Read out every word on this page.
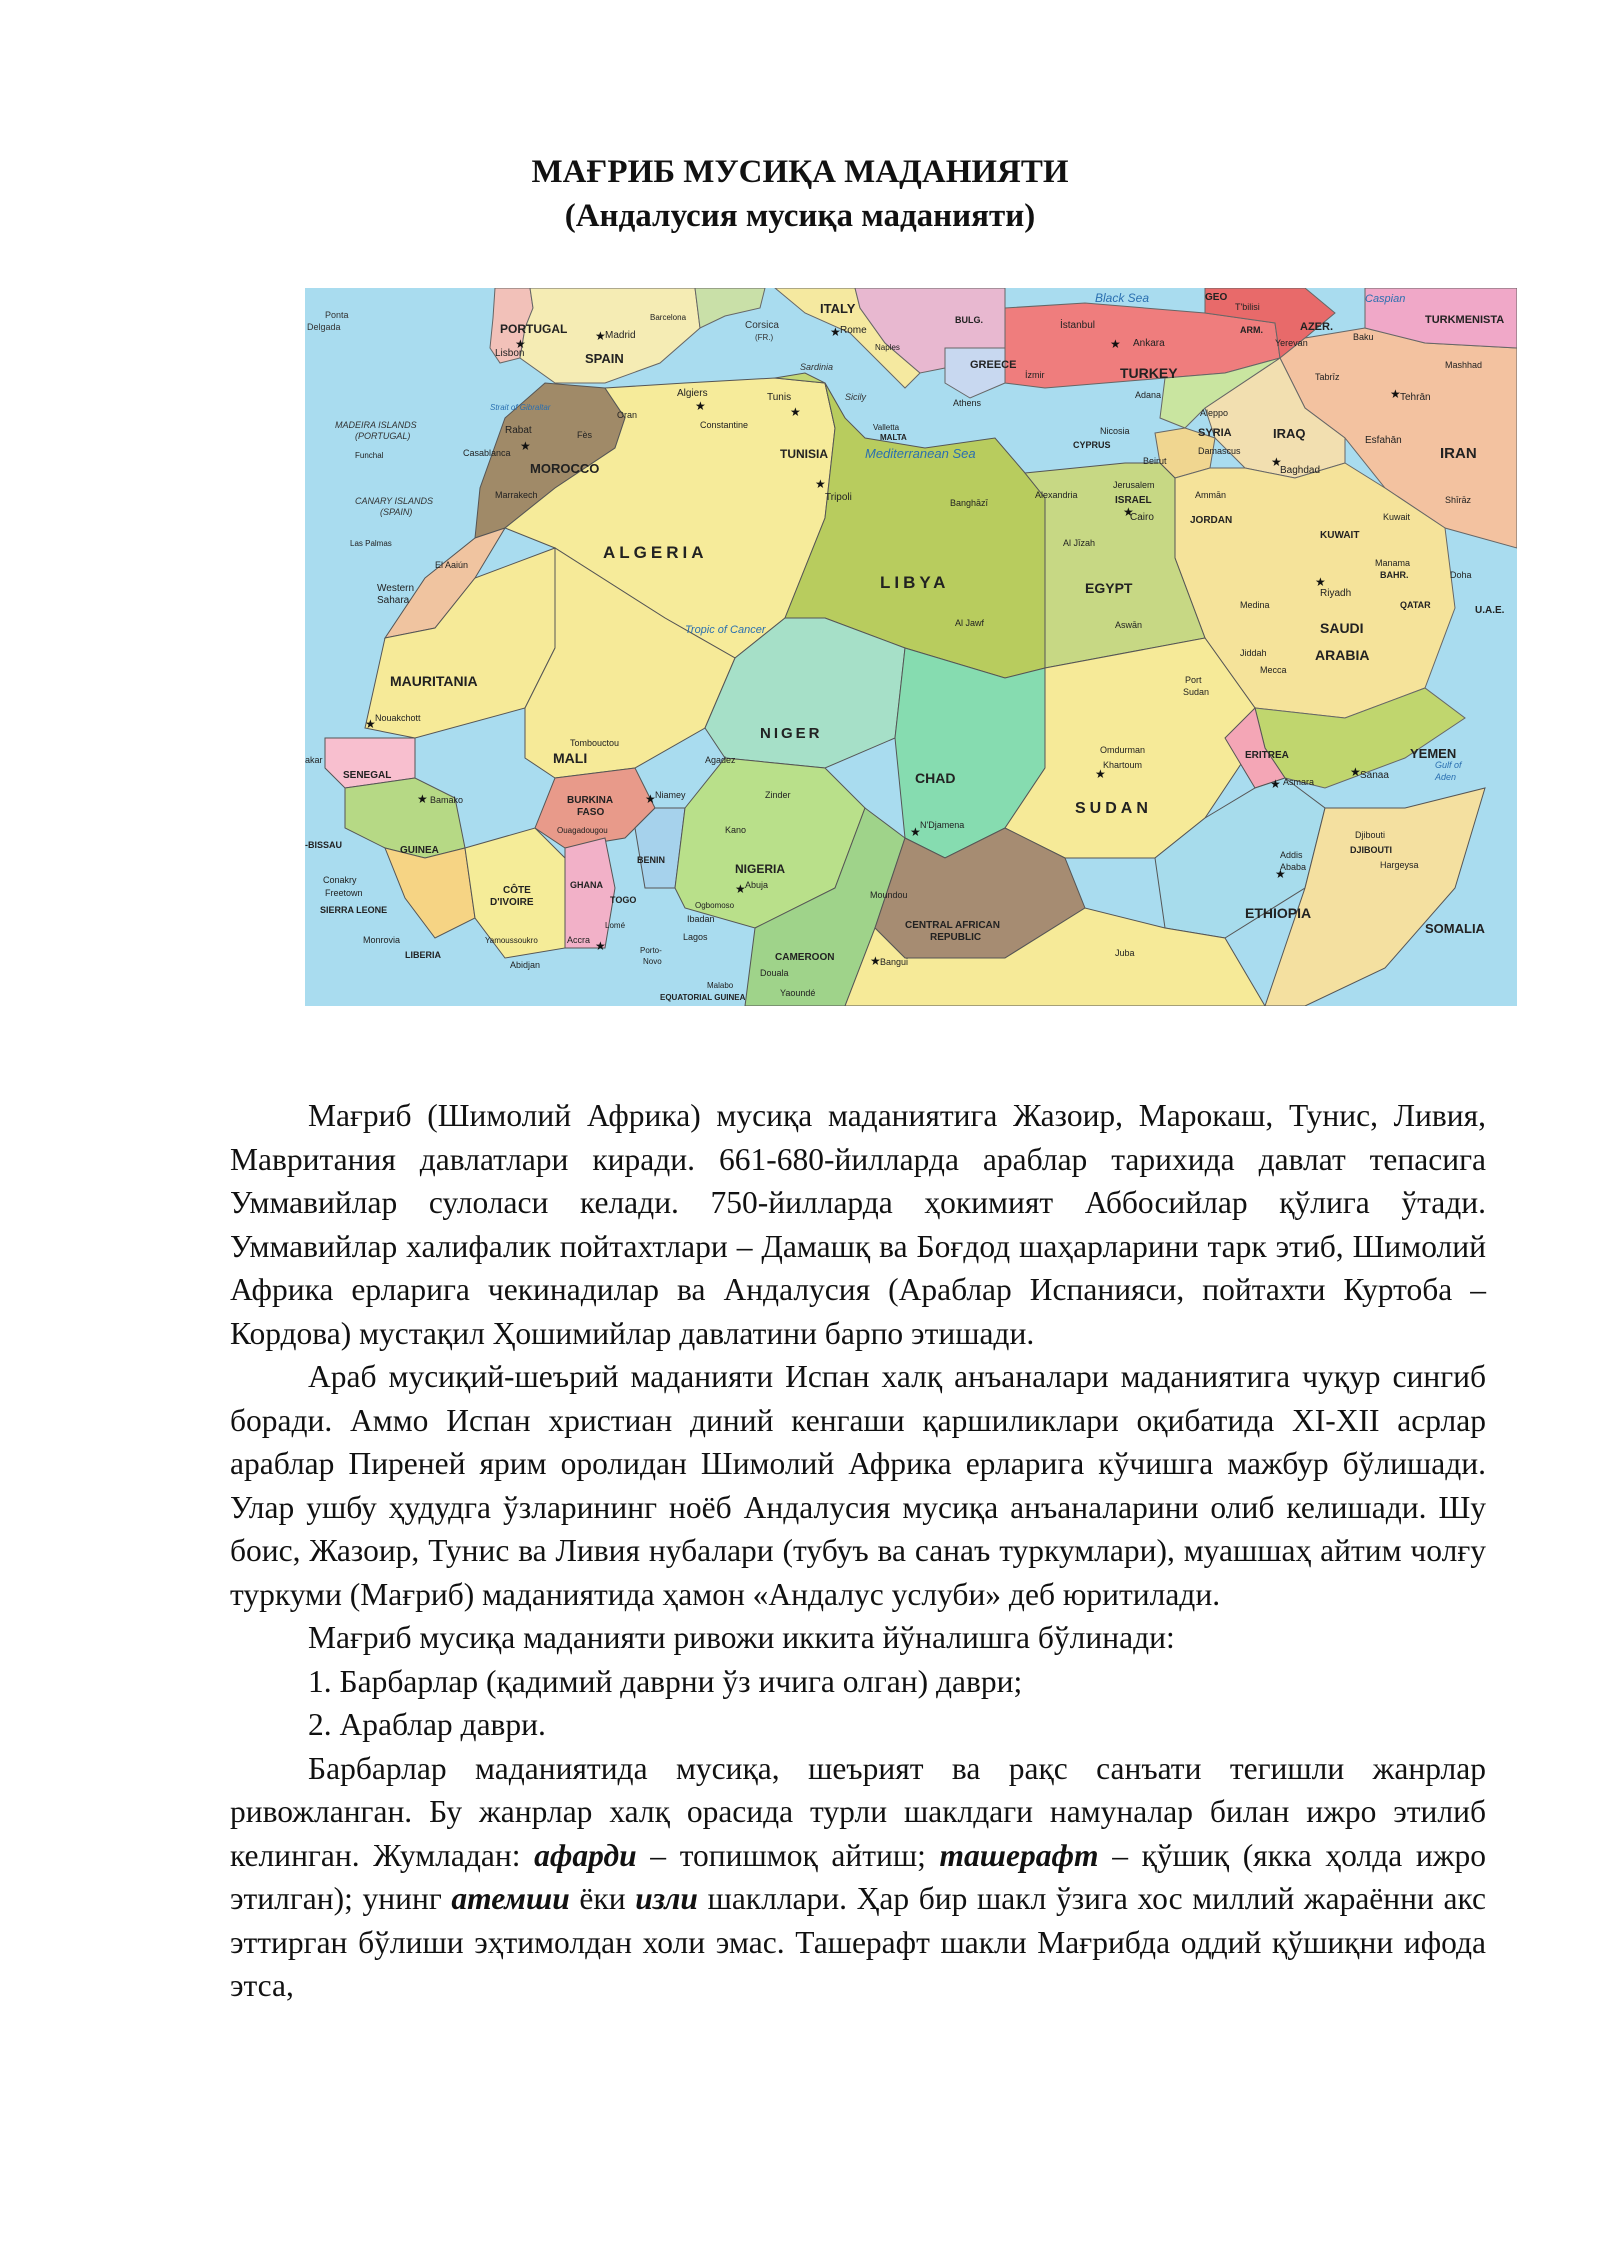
МАҒРИБ МУСИҚА МАДАНИЯТИ
(Андалусия мусиқа маданияти)
Mediterranean Sea
Black Sea	Caspian
Strait of Gibraltar
Tropic of Cancer
Gulf of
Aden
MADEIRA ISLANDS
(PORTUGAL)
CANARY ISLANDS
(SPAIN)
Ponta
Delgada	Corsica
(FR.)
Sardinia
Sicily
PORTUGAL
SPAIN
ITALY
BULG.
GREECE	TURKEY
GEO
ARM.	AZER.
TURKMENISTA
IRAN
IRAQ
SYRIA
JORDAN
ISRAEL
CYPRUS
KUWAIT
BAHR.
QATAR	U.A.E.
SAUDI
ARABIA
YEMEN
MOROCCO
ALGERIA
TUNISIA
LIBYA	EGYPT
MAURITANIA
MALI
NIGER
CHAD
SUDAN
ERITREA
DJIBOUTI
ETHIOPIA
SOMALIA
SENEGAL
-BISSAU	GUINEA
SIERRA LEONE
LIBERIA
CÔTE
D'IVOIRE
BURKINA
FASO
GHANA
TOGO
BENIN
NIGERIA
CAMEROON
CENTRAL AFRICAN
REPUBLIC
EQUATORIAL GUINEA
MALTA
Western
Sahara
Lisbon
Madrid
Barcelona
Rome
Naples
İstanbul
Ankara
İzmir
Adana
Athens
T'bilisi
Yerevan
Baku
Mashhad
Tabrīz
Tehrān
Esfahān
Shīrāz
Baghdad
Aleppo
Damascus
Beirut
Jerusalem
Ammān
Nicosia
Kuwait
Manama
Doha
Riyadh
Medina
Jiddah
Mecca
Sanaa
Algiers	Tunis
Oran
Constantine
Rabat	Fès
Casablanca
Marrakech
Valletta
Tripoli	Banghāzī
Alexandria
Cairo
Al Jīzah
Al Jawf	Aswān
Port
Sudan
Omdurman
Khartoum
Asmara
Djibouti
Hargeysa
Addis
Ababa
Juba
El Aaiún
Nouakchott
Tombouctou
Agadez
Zinder
Niamey
N'Djamena
Bamako
akar
Conakry
Freetown
Monrovia
Ouagadougou
Yamoussoukro
Abidjan
Accra
Lomé
Porto-
Novo
Ibadan
Lagos
Ogbomoso
Abuja
Kano
Douala
Yaoundé
Malabo
Bangui
Moundou
Funchal
Las Palmas
★
★	★
★
★	★
★
★
★
★
★
★
★
★
★
★
★
★
★
★
★
★
★

Мағриб (Шимолий Африка) мусиқа маданиятига Жазоир, Марокаш, Тунис, Ливия, Мавритания давлатлари киради. 661-680-йилларда араблар тарихида давлат тепасига Уммавийлар сулоласи келади. 750-йилларда ҳокимият Аббосийлар қўлига ўтади. Уммавийлар халифалик пойтахтлари – Дамашқ ва Боғдод шаҳарларини тарк этиб, Шимолий Африка ерларига чекинадилар ва Андалусия (Араблар Испанияси, пойтахти Куртоба – Кордова) мустақил Ҳошимийлар давлатини барпо этишади.

Араб мусиқий-шеърий маданияти Испан халқ анъаналари маданиятига чуқур сингиб боради. Аммо Испан христиан диний кенгаши қаршиликлари оқибатида XI-XII асрлар араблар Пиреней ярим оролидан Шимолий Африка ерларига кўчишга мажбур бўлишади. Улар ушбу ҳудудга ўзларининг ноёб Андалусия мусиқа анъаналарини олиб келишади. Шу боис, Жазоир, Тунис ва Ливия нубалари (тубуъ ва санаъ туркумлари), муашшаҳ айтим чолғу туркуми (Мағриб) маданиятида ҳамон «Андалус услуби» деб юритилади.

Мағриб мусиқа маданияти ривожи иккита йўналишга бўлинади:

1. Барбарлар (қадимий даврни ўз ичига олган) даври;

2. Араблар даври.

Барбарлар маданиятида мусиқа, шеърият ва рақс санъати тегишли жанрлар ривожланган. Бу жанрлар халқ орасида турли шаклдаги намуналар билан ижро этилиб келинган. Жумладан: афарди – топишмоқ айтиш; ташерафт – қўшиқ (якка ҳолда ижро этилган); унинг атемши ёки изли шакллари. Ҳар бир шакл ўзига хос миллий жараённи акс эттирган бўлиши эҳтимолдан холи эмас. Ташерафт шакли Мағрибда оддий қўшиқни ифода этса,
